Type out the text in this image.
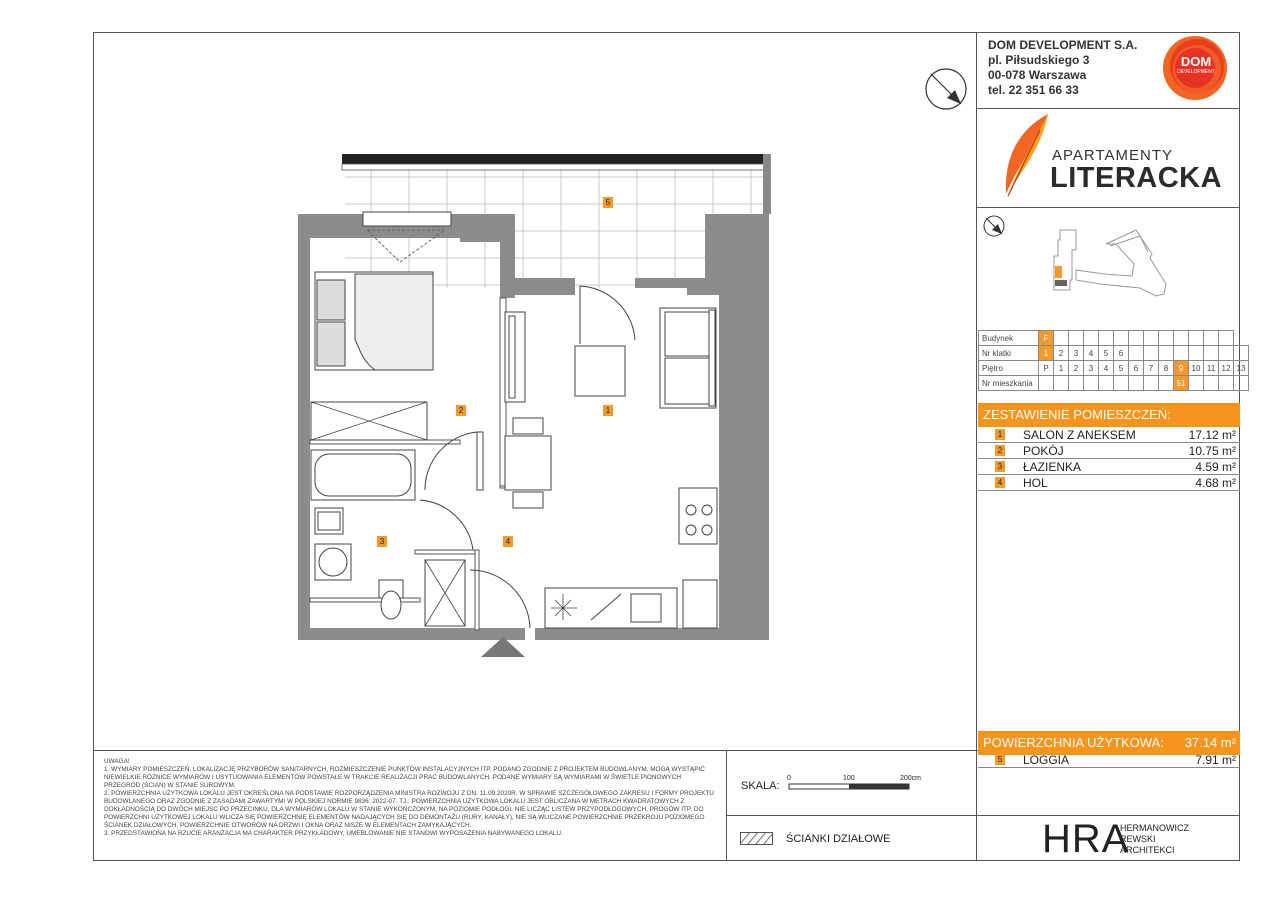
DOM DEVELOPMENT S.A.
pl. Piłsudskiego 3
00-078 Warszawa
tel. 22 351 66 33
DOM
DEVELOPMENT
APARTAMENTY
LITERACKA
Budynek	F													
Nr klatki	1	2	3	4	5	6								
Piętro	P	1	2	3	4	5	6	7	8	9	10	11	12	13
Nr mieszkania										51				
ZESTAWIENIE POMIESZCZEŃ:
1 SALON Z ANEKSEM	17.12 m²
2 POKÓJ	10.75 m²
3 ŁAZIENKA	4.59 m²
4 HOL	4.68 m²
POWIERZCHNIA UŻYTKOWA: 37.14 m²
5 LOGGIA	7.91 m²

UWAGA!

1. WYMIARY POMIESZCZEŃ, LOKALIZACJĘ PRZYBORÓW SANITARNYCH, ROZMIESZCZENIE PUNKTÓW INSTALACYJNYCH ITP. PODANO ZGODNIE Z PROJEKTEM BUDOWLANYM. MOGĄ WYSTĄPIĆ NIEWIELKIE RÓŻNICE WYMIARÓW I USYTUOWANIA ELEMENTÓW POWSTAŁE W TRAKCIE REALIZACJI PRAC BUDOWLANYCH. PODANE WYMIARY SĄ WYMIARAMI W ŚWIETLE PIONOWYCH PRZEGRÓD (ŚCIAN) W STANIE SUROWYM.

2. POWIERZCHNIA UŻYTKOWA LOKALU JEST OKREŚLONA NA PODSTAWIE ROZPORZĄDZENIA MINISTRA ROZWOJU Z DN. 11.09.2020R. W SPRAWIE SZCZEGÓŁOWEGO ZAKRESU I FORMY PROJEKTU BUDOWLANEGO ORAZ ZGODNIE Z ZASADAMI ZAWARTYMI W POLSKIEJ NORMIE 9836: 2022-07. TJ.: POWIERZCHNIA UŻYTKOWA LOKALU JEST OBLICZANA W METRACH KWADRATOWYCH Z DOKŁADNOŚCIĄ DO DWÓCH MIEJSC PO PRZECINKU, DLA WYMIARÓW LOKALU W STANIE WYKOŃCZONYM, NA POZIOMIE PODŁOGI, NIE LICZĄC LISTEW PRZYPODŁOGOWYCH, PROGÓW ITP. DO POWIERZCHNI UŻYTKOWEJ LOKALU WLICZA SIĘ POWIERZCHNIĘ ELEMENTÓW NADAJĄCYCH SIĘ DO DEMONTAŻU (RURY, KANAŁY), NIE SĄ WLICZANE POWIERZCHNIE PRZEKROJU POZIOMEGO ŚCIANEK DZIAŁOWYCH, POWIERZCHNIE OTWORÓW NA DRZWI I OKNA ORAZ NISZE W ELEMENTACH ZAMYKAJĄCYCH.

3. PRZEDSTAWIONA NA RZUCIE ARANŻACJA MA CHARAKTER PRZYKŁADOWY, UMEBLOWANIE NIE STANOWI WYPOSAŻENIA NABYWANEGO LOKALU.

SKALA:
0	100	200cm
ŚCIANKI DZIAŁOWE	HRA
HERMANOWICZ
REWSKI
ARCHITEKCI
5
2	1
3	4
